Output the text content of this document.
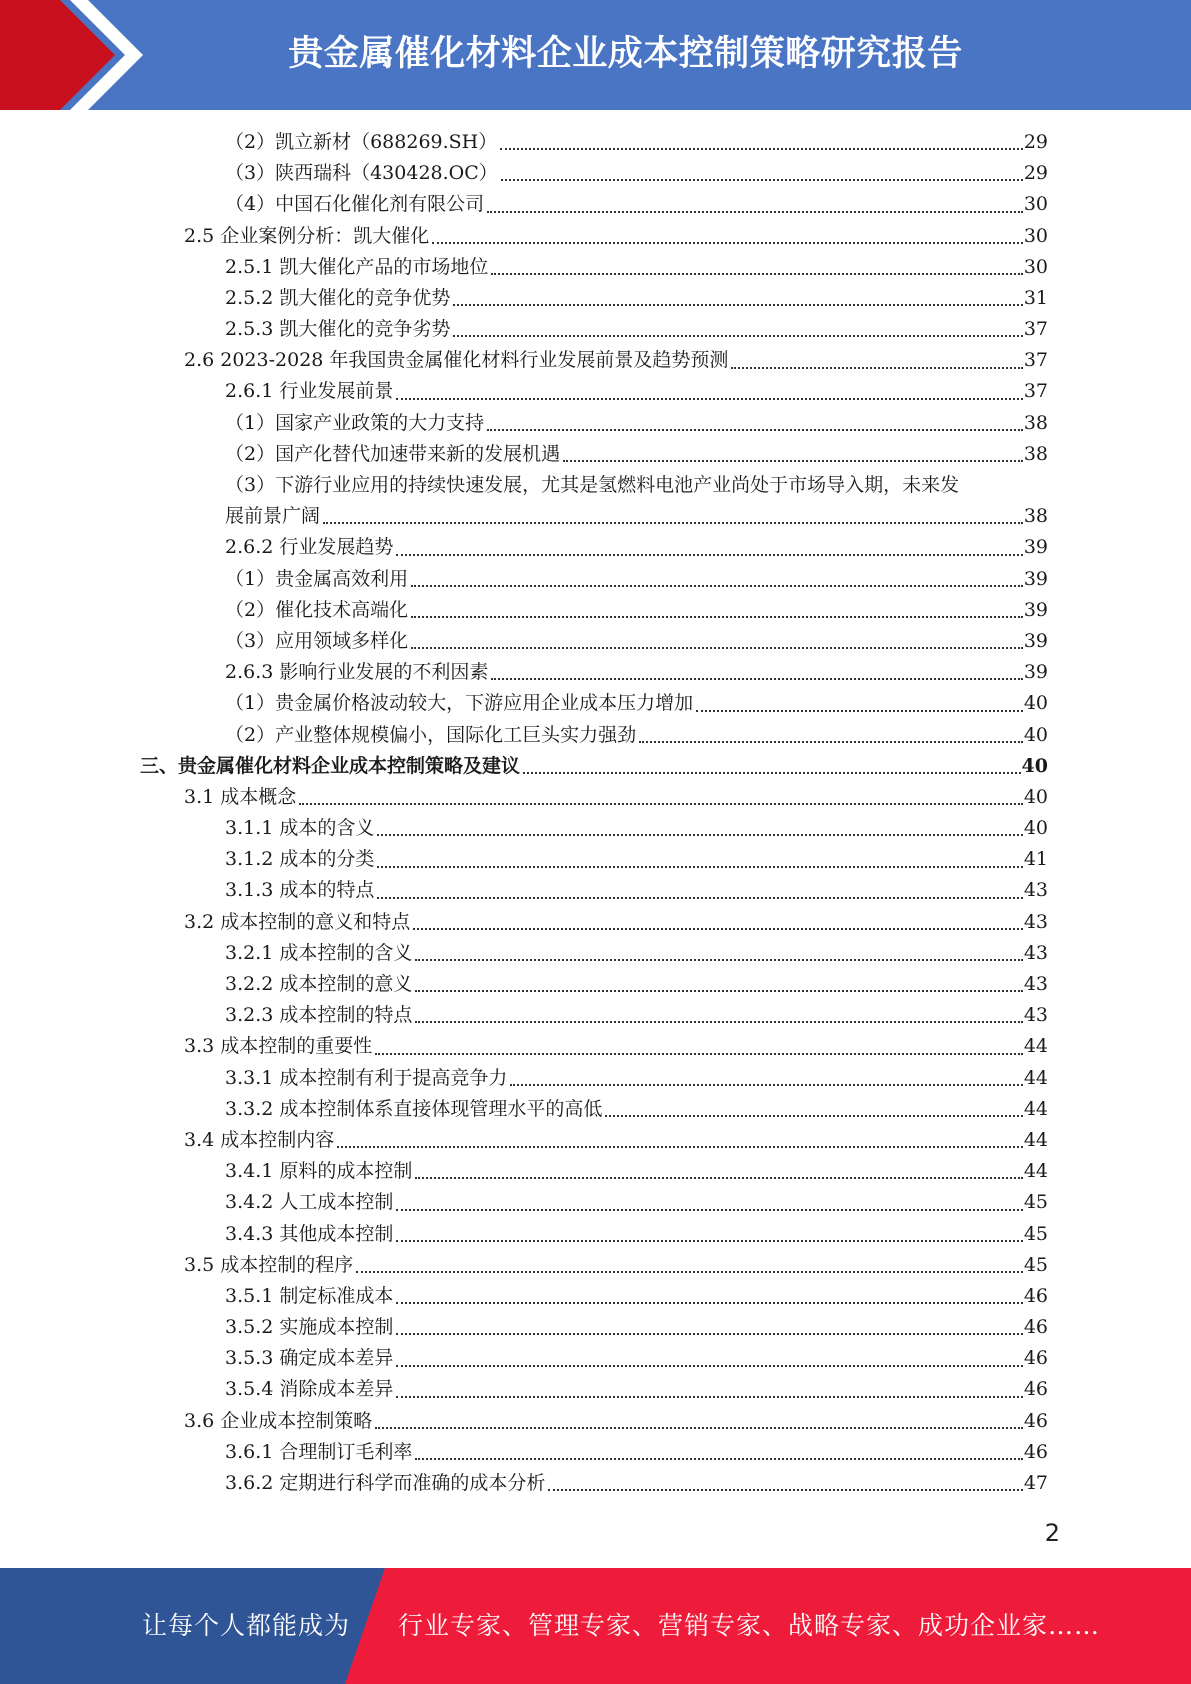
贵金属催化材料企业成本控制策略研究报告
（2）凯立新材（688269.SH）	29
（3）陕西瑞科（430428.OC）	29
（4）中国石化催化剂有限公司	30
2.5 企业案例分析：凯大催化	30
2.5.1 凯大催化产品的市场地位	30
2.5.2 凯大催化的竞争优势	31
2.5.3 凯大催化的竞争劣势	37
2.6 2023-2028 年我国贵金属催化材料行业发展前景及趋势预测	37
2.6.1 行业发展前景	37
（1）国家产业政策的大力支持	38
（2）国产化替代加速带来新的发展机遇	38
（3）下游行业应用的持续快速发展，尤其是氢燃料电池产业尚处于市场导入期，未来发
展前景广阔	38
2.6.2 行业发展趋势	39
（1）贵金属高效利用	39
（2）催化技术高端化	39
（3）应用领域多样化	39
2.6.3 影响行业发展的不利因素	39
（1）贵金属价格波动较大，下游应用企业成本压力增加	40
（2）产业整体规模偏小，国际化工巨头实力强劲	40
三、贵金属催化材料企业成本控制策略及建议	40
3.1 成本概念	40
3.1.1 成本的含义	40
3.1.2 成本的分类	41
3.1.3 成本的特点	43
3.2 成本控制的意义和特点	43
3.2.1 成本控制的含义	43
3.2.2 成本控制的意义	43
3.2.3 成本控制的特点	43
3.3 成本控制的重要性	44
3.3.1 成本控制有利于提高竞争力	44
3.3.2 成本控制体系直接体现管理水平的高低	44
3.4 成本控制内容	44
3.4.1 原料的成本控制	44
3.4.2 人工成本控制	45
3.4.3 其他成本控制	45
3.5 成本控制的程序	45
3.5.1 制定标准成本	46
3.5.2 实施成本控制	46
3.5.3 确定成本差异	46
3.5.4 消除成本差异	46
3.6 企业成本控制策略	46
3.6.1 合理制订毛利率	46
3.6.2 定期进行科学而准确的成本分析	47
2
让每个人都能成为 行业专家、管理专家、营销专家、战略专家、成功企业家……
